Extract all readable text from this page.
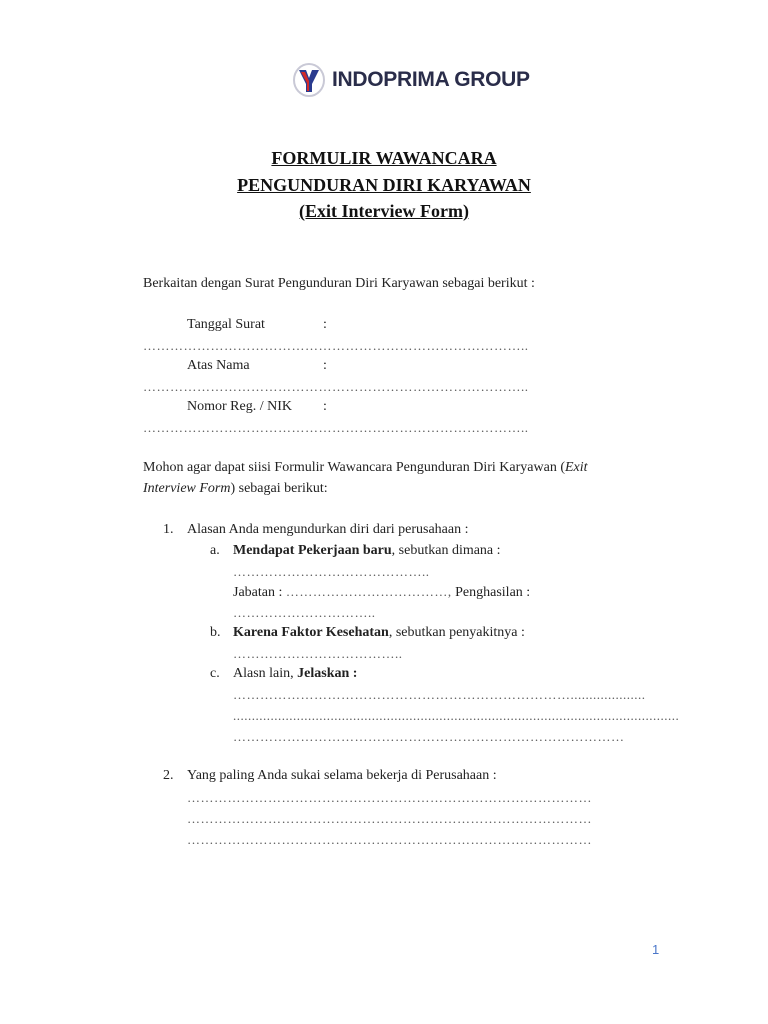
INDOPRIMA GROUP
FORMULIR WAWANCARA
PENGUNDURAN DIRI KARYAWAN
(Exit Interview Form)
Berkaitan dengan Surat Pengunduran Diri Karyawan sebagai berikut :
Tanggal Surat	:
…………………………………………………………………………..
Atas Nama	:
…………………………………………………………………………..
Nomor Reg. / NIK :
…………………………………………………………………………..
Mohon agar dapat siisi Formulir Wawancara Pengunduran Diri Karyawan (Exit
Interview Form) sebagai berikut:
1. Alasan Anda mengundurkan diri dari perusahaan :
a. Mendapat Pekerjaan baru, sebutkan dimana :
……………………………………..
Jabatan : ………………………………, Penghasilan :
…………………………..
b. Karena Faktor Kesehatan, sebutkan penyakitnya :
………………………………..
c. Alasn lain, Jelaskan :
…………………………………………………………………....................
.......................................................................................................................
……………………………………………………………………………
2. Yang paling Anda sukai selama bekerja di Perusahaan :
………………………………………………………………………………
………………………………………………………………………………
………………………………………………………………………………
1
